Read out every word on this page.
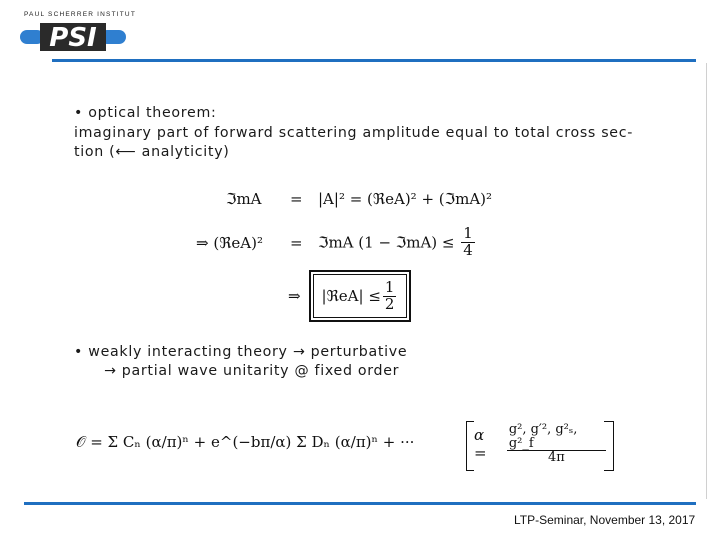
PAUL SCHERRER INSTITUT
PSI
• optical theorem:
imaginary part of forward scattering amplitude equal to total cross sec-
tion (⟵ analyticity)
ℑmA = |A|² = (ℜeA)² + (ℑmA)²
⇒ (ℜeA)² = ℑmA (1 − ℑmA) ≤ $\frac{1}{4}$
⇒ |ℜeA| ≤ $\frac{1}{2}$
• weakly interacting theory → perturbative
→ partial wave unitarity @ fixed order
𝒪 = Σ Cₙ (α/π)ⁿ + e^(−bπ/α) Σ Dₙ (α/π)ⁿ + ···	α =	$\frac{\text{g², g′², g²ₛ, g²\_f}}{4\pi}$
LTP-Seminar, November 13, 2017
